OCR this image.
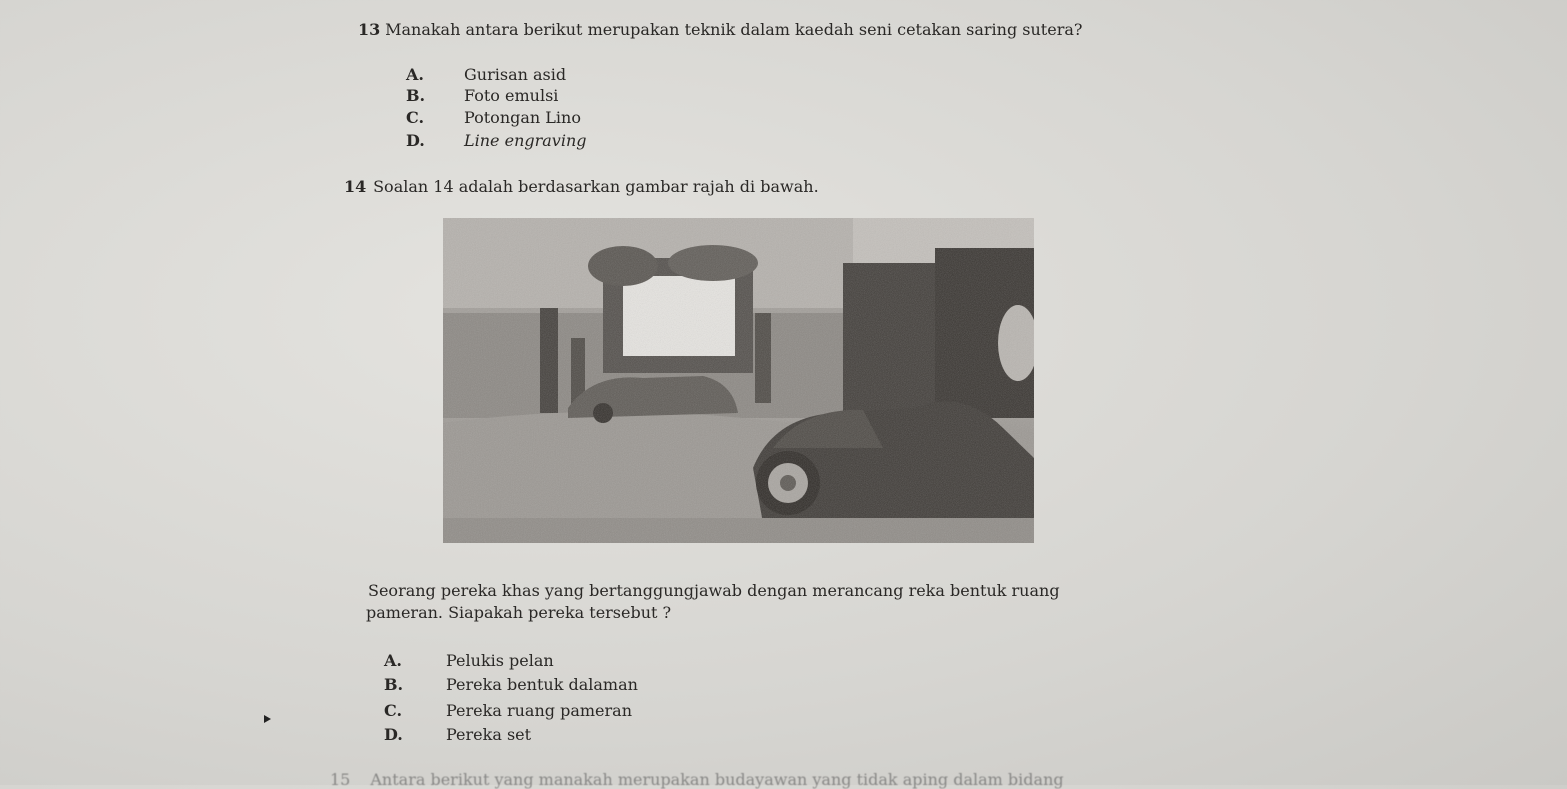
13 Manakah antara berikut merupakan teknik dalam kaedah seni cetakan saring sutera?
A.	Gurisan asid
B. Foto emulsi
C. Potongan Lino
D. Line engraving
14 Soalan 14 adalah berdasarkan gambar rajah di bawah.
Seorang pereka khas yang bertanggungjawab dengan merancang reka bentuk ruang
pameran. Siapakah pereka tersebut ?
A.	Pelukis pelan
B.	Pereka bentuk dalaman
C.	Pereka ruang pameran
D.	Pereka set
15 Antara berikut yang manakah merupakan budayawan yang tidak aping dalam bidang
